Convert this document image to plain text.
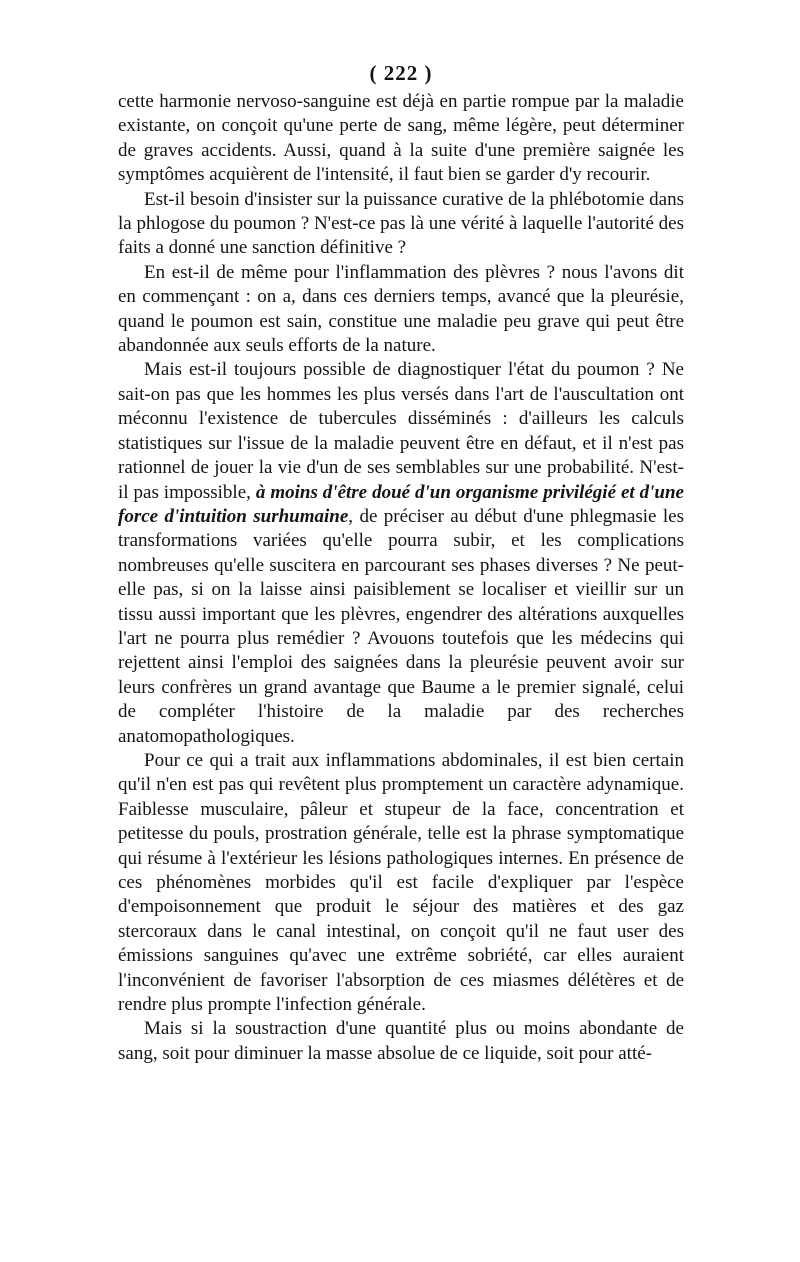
( 222 )

cette harmonie nervoso-sanguine est déjà en partie rompue par la maladie existante, on conçoit qu'une perte de sang, même légère, peut déterminer de graves accidents. Aussi, quand à la suite d'une première saignée les symptômes acquièrent de l'intensité, il faut bien se garder d'y recourir.

Est-il besoin d'insister sur la puissance curative de la phlébotomie dans la phlogose du poumon ? N'est-ce pas là une vérité à laquelle l'autorité des faits a donné une sanction définitive ?

En est-il de même pour l'inflammation des plèvres ? nous l'avons dit en commençant : on a, dans ces derniers temps, avancé que la pleurésie, quand le poumon est sain, constitue une maladie peu grave qui peut être abandonnée aux seuls efforts de la nature.

Mais est-il toujours possible de diagnostiquer l'état du poumon ? Ne sait-on pas que les hommes les plus versés dans l'art de l'auscultation ont méconnu l'existence de tubercules disséminés : d'ailleurs les calculs statistiques sur l'issue de la maladie peuvent être en défaut, et il n'est pas rationnel de jouer la vie d'un de ses semblables sur une probabilité. N'est-il pas impossible, à moins d'être doué d'un organisme privilégié et d'une force d'intuition surhumaine, de préciser au début d'une phlegmasie les transformations variées qu'elle pourra subir, et les complications nombreuses qu'elle suscitera en parcourant ses phases diverses ? Ne peut-elle pas, si on la laisse ainsi paisiblement se localiser et vieillir sur un tissu aussi important que les plèvres, engendrer des altérations auxquelles l'art ne pourra plus remédier ? Avouons toutefois que les médecins qui rejettent ainsi l'emploi des saignées dans la pleurésie peuvent avoir sur leurs confrères un grand avantage que Baume a le premier signalé, celui de compléter l'histoire de la maladie par des recherches anatomopathologiques.

Pour ce qui a trait aux inflammations abdominales, il est bien certain qu'il n'en est pas qui revêtent plus promptement un caractère adynamique. Faiblesse musculaire, pâleur et stupeur de la face, concentration et petitesse du pouls, prostration générale, telle est la phrase symptomatique qui résume à l'extérieur les lésions pathologiques internes. En présence de ces phénomènes morbides qu'il est facile d'expliquer par l'espèce d'empoisonnement que produit le séjour des matières et des gaz stercoraux dans le canal intestinal, on conçoit qu'il ne faut user des émissions sanguines qu'avec une extrême sobriété, car elles auraient l'inconvénient de favoriser l'absorption de ces miasmes délétères et de rendre plus prompte l'infection générale.

Mais si la soustraction d'une quantité plus ou moins abondante de sang, soit pour diminuer la masse absolue de ce liquide, soit pour atté-
